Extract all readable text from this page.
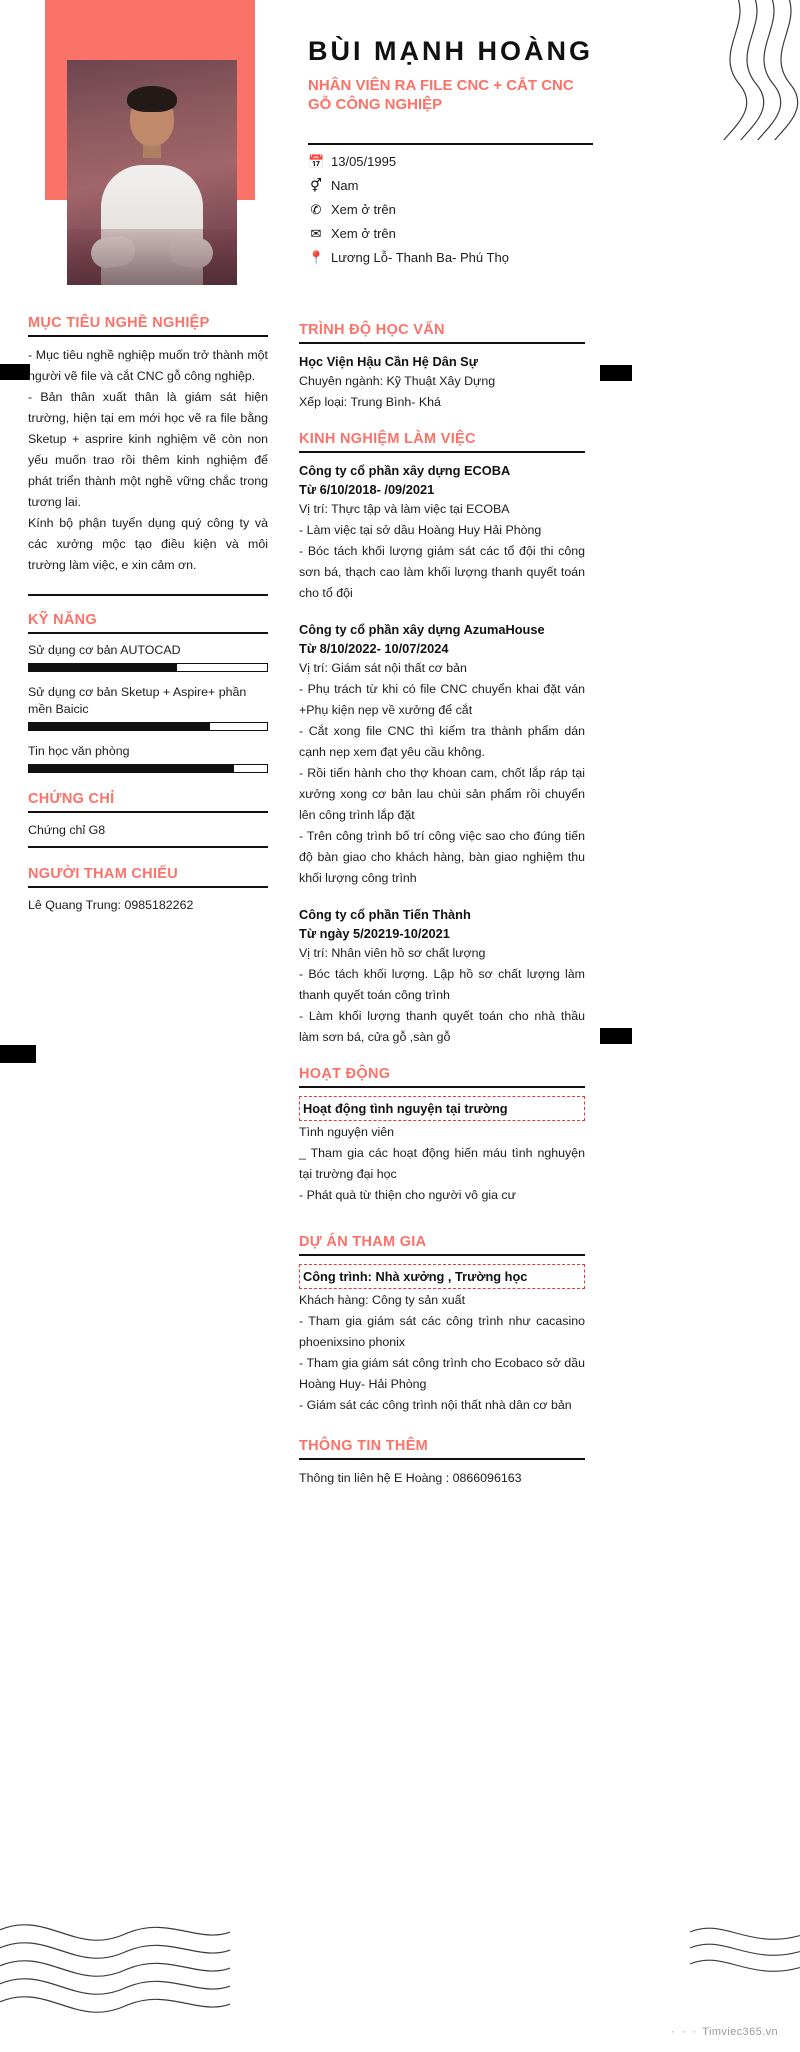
BÙI MẠNH HOÀNG
NHÂN VIÊN RA FILE CNC + CẮT CNC GỖ CÔNG NGHIỆP
📅 13/05/1995
⚥ Nam
✆ Xem ở trên
✉ Xem ở trên
📍 Lương Lỗ- Thanh Ba- Phú Thọ
MỤC TIÊU NGHỀ NGHIỆP

- Mục tiêu nghề nghiệp muốn trở thành một người vẽ file và cắt CNC gỗ công nghiệp.

- Bản thân xuất thân là giám sát hiện trường, hiện tại em mới học vẽ ra file bằng Sketup + asprire kinh nghiệm vẽ còn non yếu muốn trao rồi thêm kinh nghiệm để phát triển thành một nghề vững chắc trong tương lai.

Kính bộ phận tuyển dụng quý công ty và các xưởng mộc tạo điều kiện và môi trường làm việc, e xin cảm ơn.

KỸ NĂNG
Sử dụng cơ bản AUTOCAD
Sử dụng cơ bản Sketup + Aspire+ phần mền Baicic
Tin học văn phòng
CHỨNG CHỈ
Chứng chỉ G8
NGƯỜI THAM CHIẾU
Lê Quang Trung: 0985182262
TRÌNH ĐỘ HỌC VẤN
Học Viện Hậu Cần Hệ Dân Sự
Chuyên ngành: Kỹ Thuật Xây Dựng
Xếp loại: Trung Bình- Khá
KINH NGHIỆM LÀM VIỆC
Công ty cổ phần xây dựng ECOBA
Từ 6/10/2018- /09/2021
Vị trí: Thực tập và làm việc tại ECOBA
- Làm việc tại sở dầu Hoàng Huy Hải Phòng
- Bóc tách khối lượng giám sát các tổ đội thi công sơn bá, thạch cao làm khối lượng thanh quyết toán cho tổ đội
Công ty cổ phần xây dựng AzumaHouse
Từ 8/10/2022- 10/07/2024
Vị trí: Giám sát nội thất cơ bản
- Phụ trách từ khi có file CNC chuyển khai đặt ván +Phụ kiện nẹp về xưởng để cắt
- Cắt xong file CNC thì kiểm tra thành phẩm dán cạnh nẹp xem đạt yêu cầu không.
- Rồi tiến hành cho thợ khoan cam, chốt lắp ráp tại xưởng xong cơ bản lau chùi sản phẩm rồi chuyển lên công trình lắp đặt
- Trên công trình bố trí công việc sao cho đúng tiến độ bàn giao cho khách hàng, bàn giao nghiệm thu khối lượng công trình
Công ty cổ phần Tiến Thành
Từ ngày 5/20219-10/2021
Vị trí: Nhân viên hồ sơ chất lượng
- Bóc tách khối lượng. Lập hồ sơ chất lượng làm thanh quyết toán công trình
- Làm khối lượng thanh quyết toán cho nhà thầu làm sơn bá, cửa gỗ ,sàn gỗ
HOẠT ĐỘNG
Hoạt động tình nguyện tại trường
Tình nguyện viên
_ Tham gia các hoạt động hiến máu tình nghuyện tại trường đại học
- Phát quà từ thiện cho người vô gia cư
DỰ ÁN THAM GIA
Công trình: Nhà xưởng , Trường học
Khách hàng: Công ty sản xuất
- Tham gia giám sát các công trình như cacasino phoenixsino phonix
- Tham gia giám sát công trình cho Ecobaco sở dầu Hoàng Huy- Hải Phòng
- Giám sát các công trình nội thất nhà dân cơ bản
THÔNG TIN THÊM
Thông tin liên hệ E Hoàng : 0866096163
· · · Timviec365.vn
